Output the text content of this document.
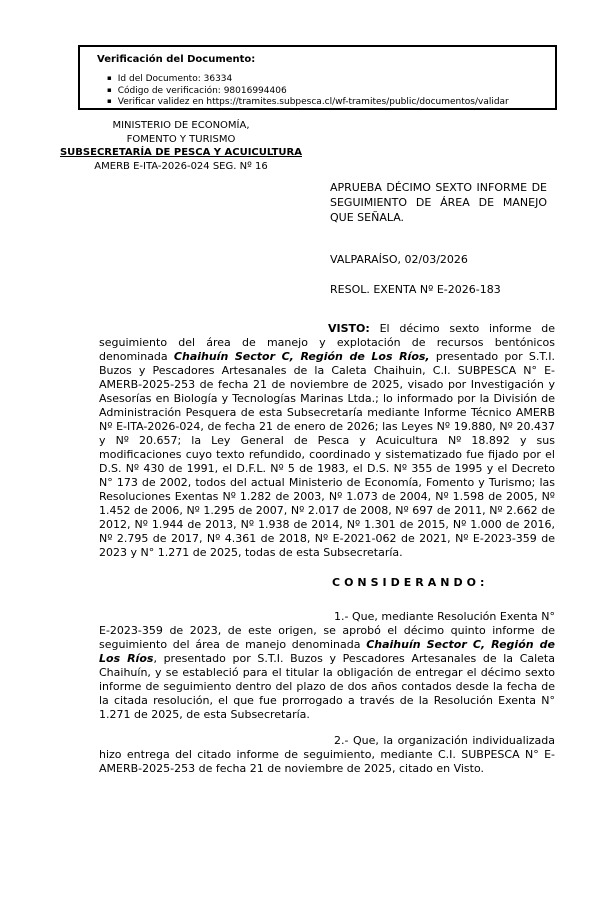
Verificación del Documento:
▪ Id del Documento: 36334
▪ Código de verificación: 98016994406
▪ Verificar validez en https://tramites.subpesca.cl/wf-tramites/public/documentos/validar
MINISTERIO DE ECONOMÍA,
FOMENTO Y TURISMO
SUBSECRETARÍA DE PESCA Y ACUICULTURA
AMERB E-ITA-2026-024 SEG. Nº 16
APRUEBA DÉCIMO SEXTO INFORME DE SEGUIMIENTO DE ÁREA DE MANEJO QUE SEÑALA.
VALPARAÍSO, 02/03/2026
RESOL. EXENTA Nº E-2026-183

VISTO: El décimo sexto informe de seguimiento del área de manejo y explotación de recursos bentónicos denominada Chaihuín Sector C, Región de Los Ríos, presentado por S.T.I. Buzos y Pescadores Artesanales de la Caleta Chaihuin, C.I. SUBPESCA N° E-AMERB-2025-253 de fecha 21 de noviembre de 2025, visado por Investigación y Asesorías en Biología y Tecnologías Marinas Ltda.; lo informado por la División de Administración Pesquera de esta Subsecretaría mediante Informe Técnico AMERB Nº E-ITA-2026-024, de fecha 21 de enero de 2026; las Leyes Nº 19.880, Nº 20.437 y Nº 20.657; la Ley General de Pesca y Acuicultura Nº 18.892 y sus modificaciones cuyo texto refundido, coordinado y sistematizado fue fijado por el D.S. Nº 430 de 1991, el D.F.L. Nº 5 de 1983, el D.S. Nº 355 de 1995 y el Decreto N° 173 de 2002, todos del actual Ministerio de Economía, Fomento y Turismo; las Resoluciones Exentas Nº 1.282 de 2003, Nº 1.073 de 2004, Nº 1.598 de 2005, Nº 1.452 de 2006, Nº 1.295 de 2007, Nº 2.017 de 2008, Nº 697 de 2011, Nº 2.662 de 2012, Nº 1.944 de 2013, Nº 1.938 de 2014, Nº 1.301 de 2015, Nº 1.000 de 2016, Nº 2.795 de 2017, Nº 4.361 de 2018, Nº E-2021-062 de 2021, Nº E-2023-359 de 2023 y N° 1.271 de 2025, todas de esta Subsecretaría.

CONSIDERANDO:

1.- Que, mediante Resolución Exenta N° E-2023-359 de 2023, de este origen, se aprobó el décimo quinto informe de seguimiento del área de manejo denominada Chaihuín Sector C, Región de Los Ríos, presentado por S.T.I. Buzos y Pescadores Artesanales de la Caleta Chaihuín, y se estableció para el titular la obligación de entregar el décimo sexto informe de seguimiento dentro del plazo de dos años contados desde la fecha de la citada resolución, el que fue prorrogado a través de la Resolución Exenta N° 1.271 de 2025, de esta Subsecretaría.

2.- Que, la organización individualizada hizo entrega del citado informe de seguimiento, mediante C.I. SUBPESCA N° E-AMERB-2025-253 de fecha 21 de noviembre de 2025, citado en Visto.
